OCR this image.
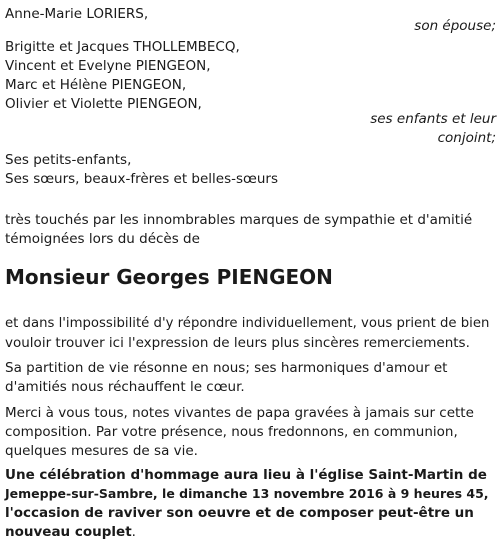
Anne-Marie LORIERS,
son épouse;
Brigitte et Jacques THOLLEMBECQ,
Vincent et Evelyne PIENGEON,
Marc et Hélène PIENGEON,
Olivier et Violette PIENGEON,
ses enfants et leur
conjoint;
Ses petits-enfants,
Ses sœurs, beaux-frères et belles-sœurs
très touchés par les innombrables marques de sympathie et d'amitié
témoignées lors du décès de
Monsieur Georges PIENGEON
et dans l'impossibilité d'y répondre individuellement, vous prient de bien
vouloir trouver ici l'expression de leurs plus sincères remerciements.
Sa partition de vie résonne en nous; ses harmoniques d'amour et
d'amitiés nous réchauffent le cœur.
Merci à vous tous, notes vivantes de papa gravées à jamais sur cette
composition. Par votre présence, nous fredonnons, en communion,
quelques mesures de sa vie.
Une célébration d'hommage aura lieu à l'église Saint-Martin de
Jemeppe-sur-Sambre, le dimanche 13 novembre 2016 à 9 heures 45,
l'occasion de raviver son oeuvre et de composer peut-être un
nouveau couplet.
